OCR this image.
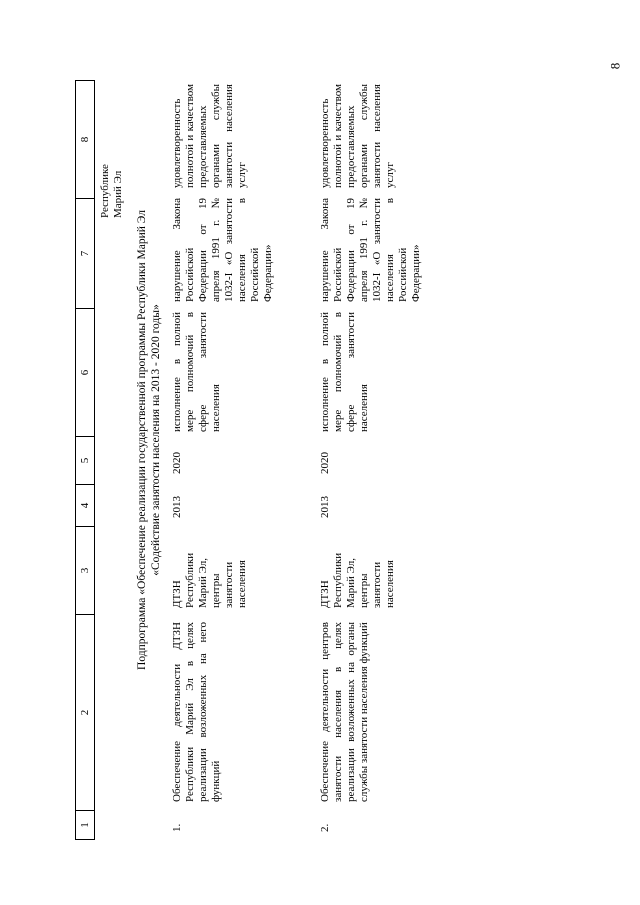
8
1
2
3
4
5
6
7
8
Республике
Марий Эл
Подпрограмма «Обеспечение реализации государственной программы Республики Марий Эл
«Содействие занятости населения на 2013 - 2020 годы»
1.
Обеспечение деятельности ДТЗН Республики Марий Эл в целях реализации возложенных на него функций
ДТЗН
Республики
Марий Эл,
центры
занятости
населения
2013
2020
исполнение в полной мере полномочий в сфере занятости населения
нарушение Закона Российской Федерации от 19 апреля 1991 г. № 1032-I «О занятости населения в Российской Федерации»
удовлетворенность полнотой и качеством предоставляемых органами службы занятости населения услуг
2.
Обеспечение деятельности центров занятости населения в целях реализации возложенных на органы службы занятости населения функций
ДТЗН
Республики
Марий Эл,
центры
занятости
населения
2013
2020
исполнение в полной мере полномочий в сфере занятости населения
нарушение Закона Российской Федерации от 19 апреля 1991 г. № 1032-I «О занятости населения в Российской Федерации»
удовлетворенность полнотой и качеством предоставляемых органами службы занятости населения услуг
